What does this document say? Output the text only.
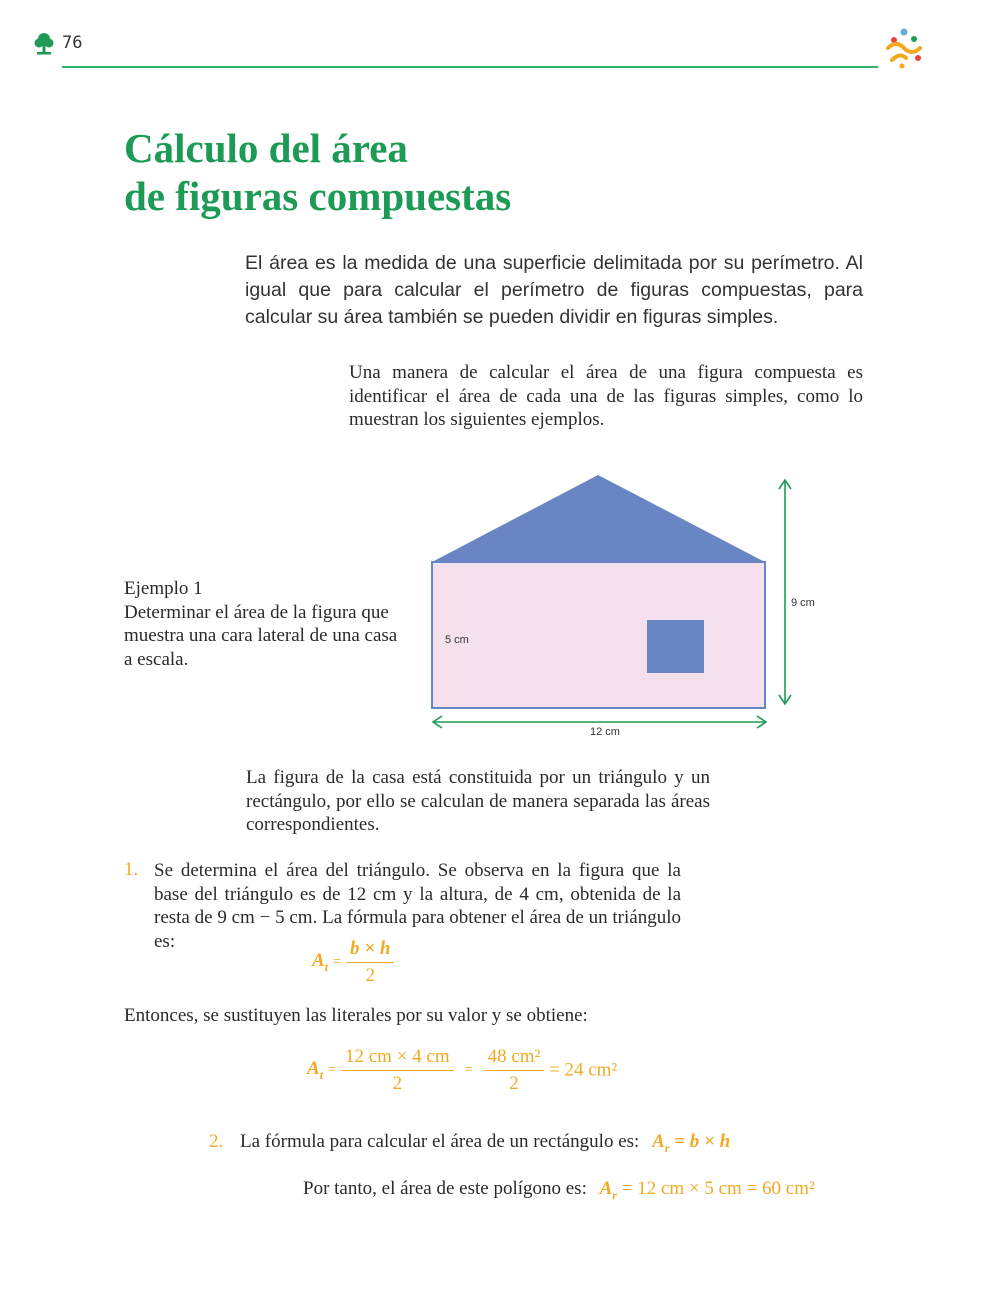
76
Cálculo del área
de figuras compuestas
El área es la medida de una superficie delimitada por su perímetro. Al igual que para calcular el perímetro de figuras compuestas, para calcular su área también se pueden dividir en figuras simples.
Una manera de calcular el área de una figura compuesta es identificar el área de cada una de las figuras simples, como lo muestran los siguientes ejemplos.
Ejemplo 1
Determinar el área de la figura que muestra una cara lateral de una casa a escala.
9 cm
5 cm
12 cm
La figura de la casa está constituida por un triángulo y un rectángulo, por ello se calculan de manera separada las áreas correspondientes.
1. Se determina el área del triángulo. Se observa en la figura que la base del triángulo es de 12 cm y la altura, de 4 cm, obtenida de la resta de 9 cm − 5 cm. La fórmula para obtener el área de un triángulo es:
$A_t = \frac{b \times h}{2}$
Entonces, se sustituyen las literales por su valor y se obtiene:
$A_t = \frac{12 cm \times 4 cm}{2} = \frac{\text{48 cm²}}{2} = 24$ cm²
2. La fórmula para calcular el área de un rectángulo es: $A_r = b \times h$
Por tanto, el área de este polígono es: $A_r = 12$ cm × 5 cm = 60 cm²
